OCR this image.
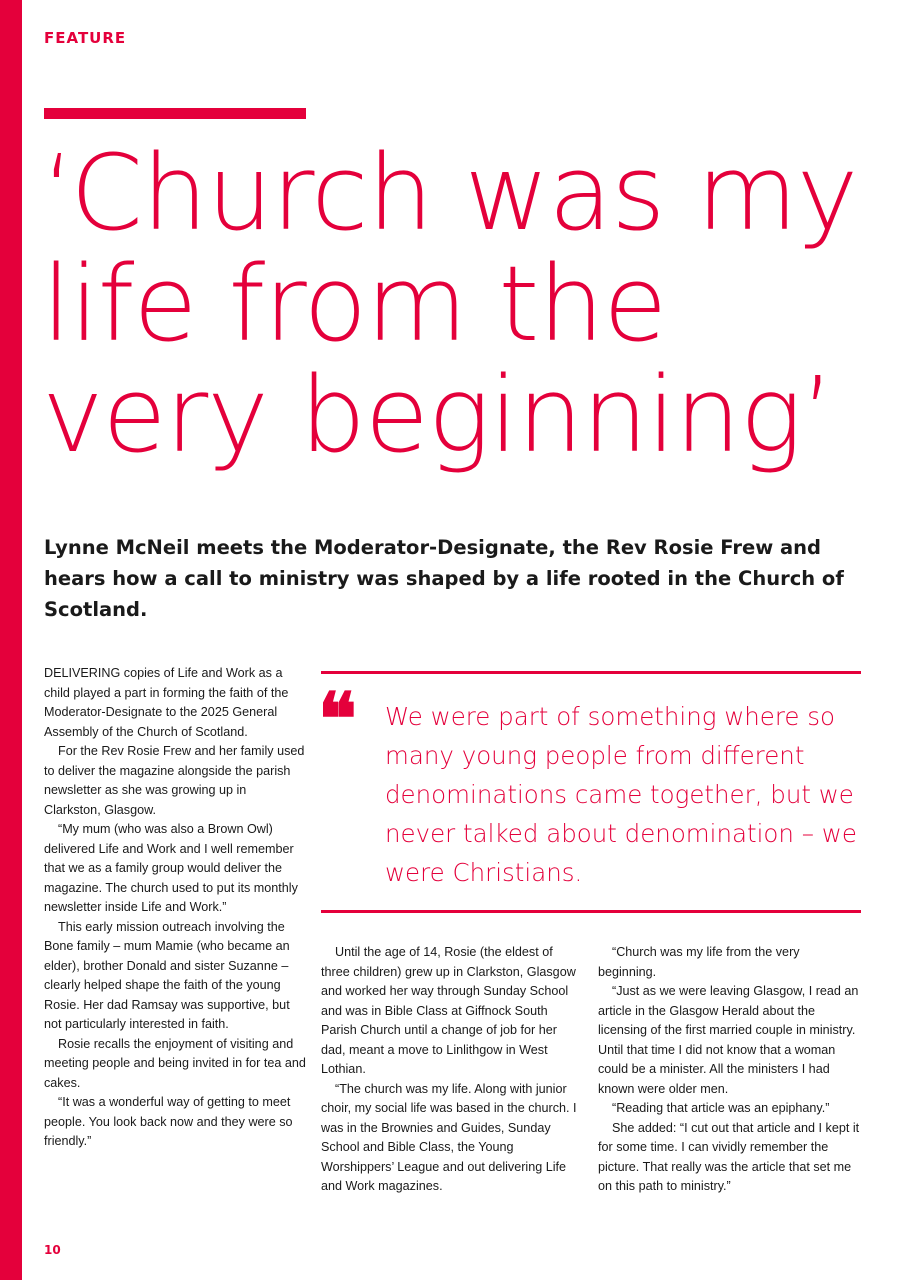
FEATURE
‘Church was my life from the very beginning’

Lynne McNeil meets the Moderator-Designate, the Rev Rosie Frew and hears how a call to ministry was shaped by a life rooted in the Church of Scotland.

DELIVERING copies of Life and Work as a child played a part in forming the faith of the Moderator-Designate to the 2025 General Assembly of the Church of Scotland.

For the Rev Rosie Frew and her family used to deliver the magazine alongside the parish newsletter as she was growing up in Clarkston, Glasgow.

“My mum (who was also a Brown Owl) delivered Life and Work and I well remember that we as a family group would deliver the magazine. The church used to put its monthly newsletter inside Life and Work.”

This early mission outreach involving the Bone family – mum Mamie (who became an elder), brother Donald and sister Suzanne – clearly helped shape the faith of the young Rosie. Her dad Ramsay was supportive, but not particularly interested in faith.

Rosie recalls the enjoyment of visiting and meeting people and being invited in for tea and cakes.

“It was a wonderful way of getting to meet people. You look back now and they were so friendly.”

❝ We were part of something where so many young people from different denominations came together, but we never talked about denomination – we were Christians.

Until the age of 14, Rosie (the eldest of three children) grew up in Clarkston, Glasgow and worked her way through Sunday School and was in Bible Class at Giffnock South Parish Church until a change of job for her dad, meant a move to Linlithgow in West Lothian.

“The church was my life. Along with junior choir, my social life was based in the church. I was in the Brownies and Guides, Sunday School and Bible Class, the Young Worshippers’ League and out delivering Life and Work magazines.

“Church was my life from the very beginning.

“Just as we were leaving Glasgow, I read an article in the Glasgow Herald about the licensing of the first married couple in ministry. Until that time I did not know that a woman could be a minister. All the ministers I had known were older men.

“Reading that article was an epiphany.”

She added: “I cut out that article and I kept it for some time. I can vividly remember the picture. That really was the article that set me on this path to ministry.”

10
